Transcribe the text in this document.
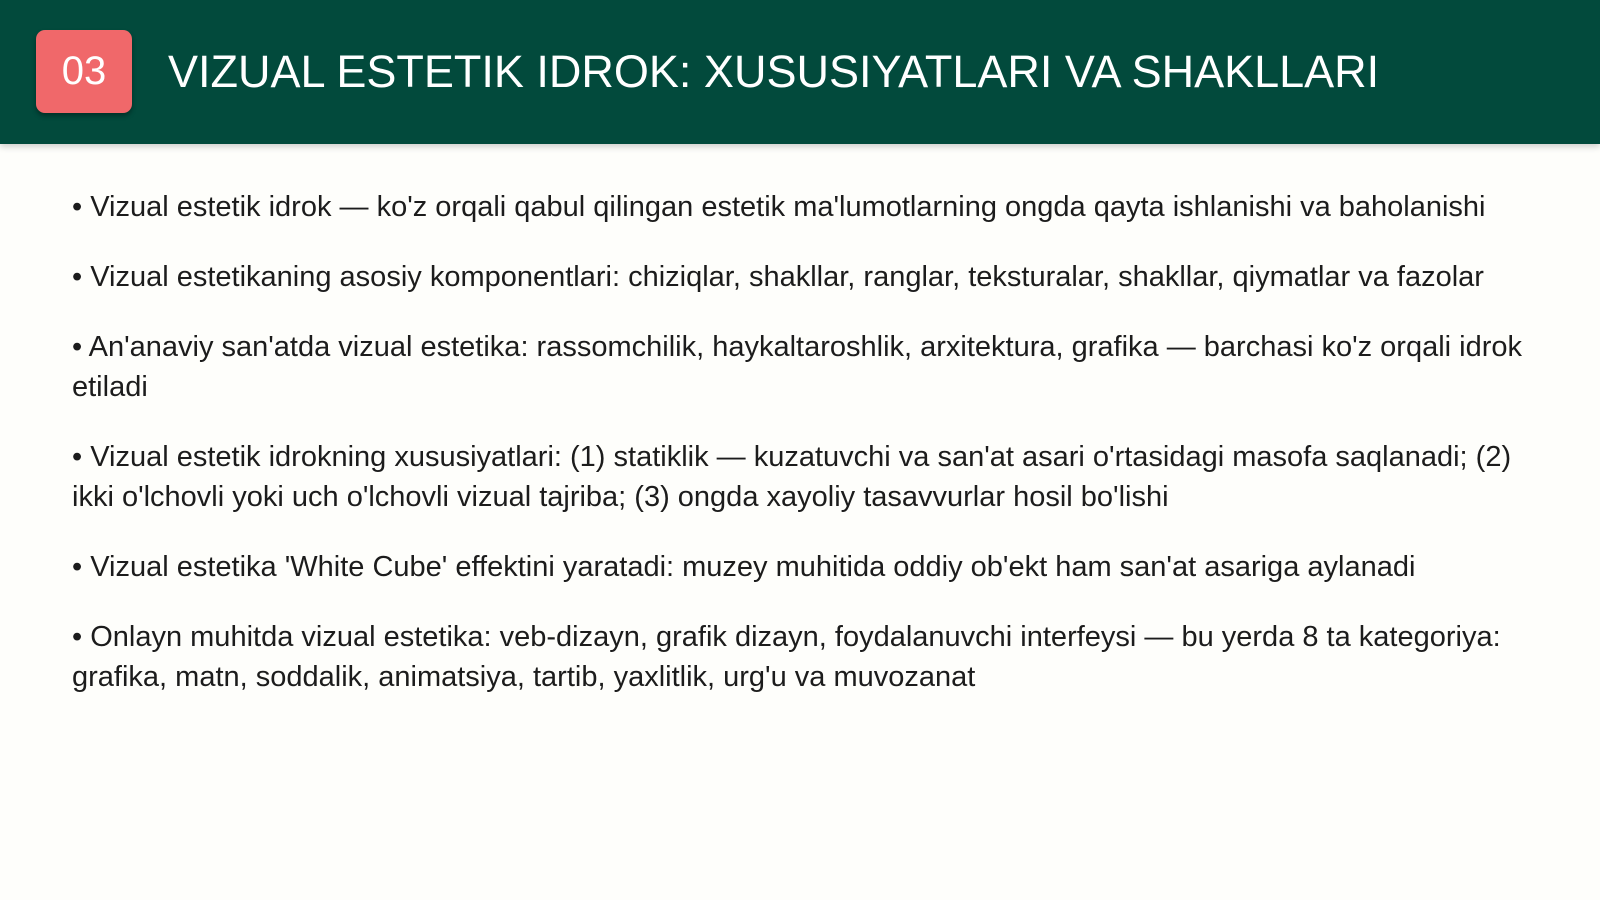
03	VIZUAL ESTETIK IDROK: XUSUSIYATLARI VA SHAKLLARI
• Vizual estetik idrok — ko'z orqali qabul qilingan estetik ma'lumotlarning ongda qayta ishlanishi va baholanishi
• Vizual estetikaning asosiy komponentlari: chiziqlar, shakllar, ranglar, teksturalar, shakllar, qiymatlar va fazolar
• An'anaviy san'atda vizual estetika: rassomchilik, haykaltaroshlik, arxitektura, grafika — barchasi ko'z orqali idrok etiladi
• Vizual estetik idrokning xususiyatlari: (1) statiklik — kuzatuvchi va san'at asari o'rtasidagi masofa saqlanadi; (2) ikki o'lchovli yoki uch o'lchovli vizual tajriba; (3) ongda xayoliy tasavvurlar hosil bo'lishi
• Vizual estetika 'White Cube' effektini yaratadi: muzey muhitida oddiy ob'ekt ham san'at asariga aylanadi
• Onlayn muhitda vizual estetika: veb-dizayn, grafik dizayn, foydalanuvchi interfeysi — bu yerda 8 ta kategoriya: grafika, matn, soddalik, animatsiya, tartib, yaxlitlik, urg'u va muvozanat
